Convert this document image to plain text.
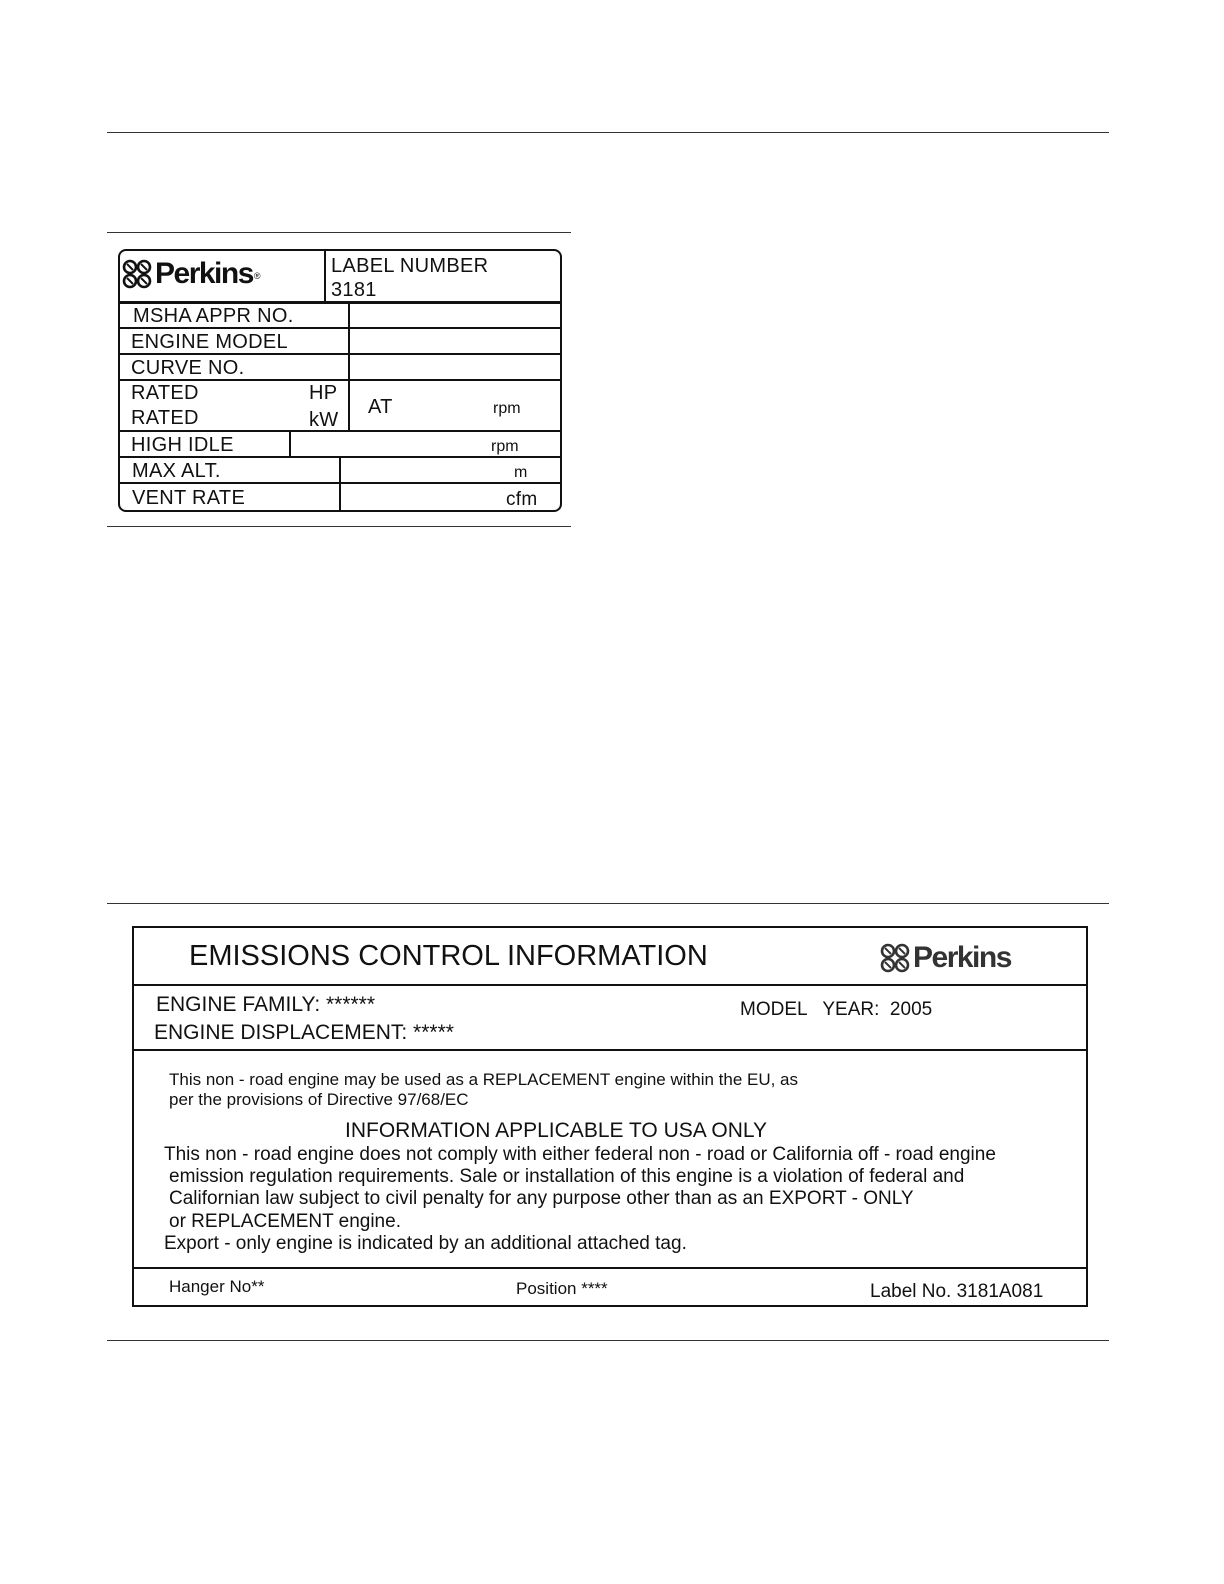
Perkins ®	LABEL NUMBER
3181
MSHA APPR NO.
ENGINE MODEL
CURVE NO.
RATED	HP
RATED	kW
AT	rpm
HIGH IDLE	rpm
MAX ALT.	m
VENT RATE	cfm
EMISSIONS CONTROL INFORMATION	Perkins
ENGINE FAMILY: ******
ENGINE DISPLACEMENT: *****
MODEL   YEAR:  2005
This non - road engine may be used as a REPLACEMENT engine within the EU, as
per the provisions of Directive 97/68/EC
INFORMATION APPLICABLE TO USA ONLY
This non - road engine does not comply with either federal non - road or California off - road engine
emission regulation requirements. Sale or installation of this engine is a violation of federal and
Californian law subject to civil penalty for any purpose other than as an EXPORT - ONLY
or REPLACEMENT engine.
Export - only engine is indicated by an additional attached tag.
Hanger No**	Position ****	Label No. 3181A081
